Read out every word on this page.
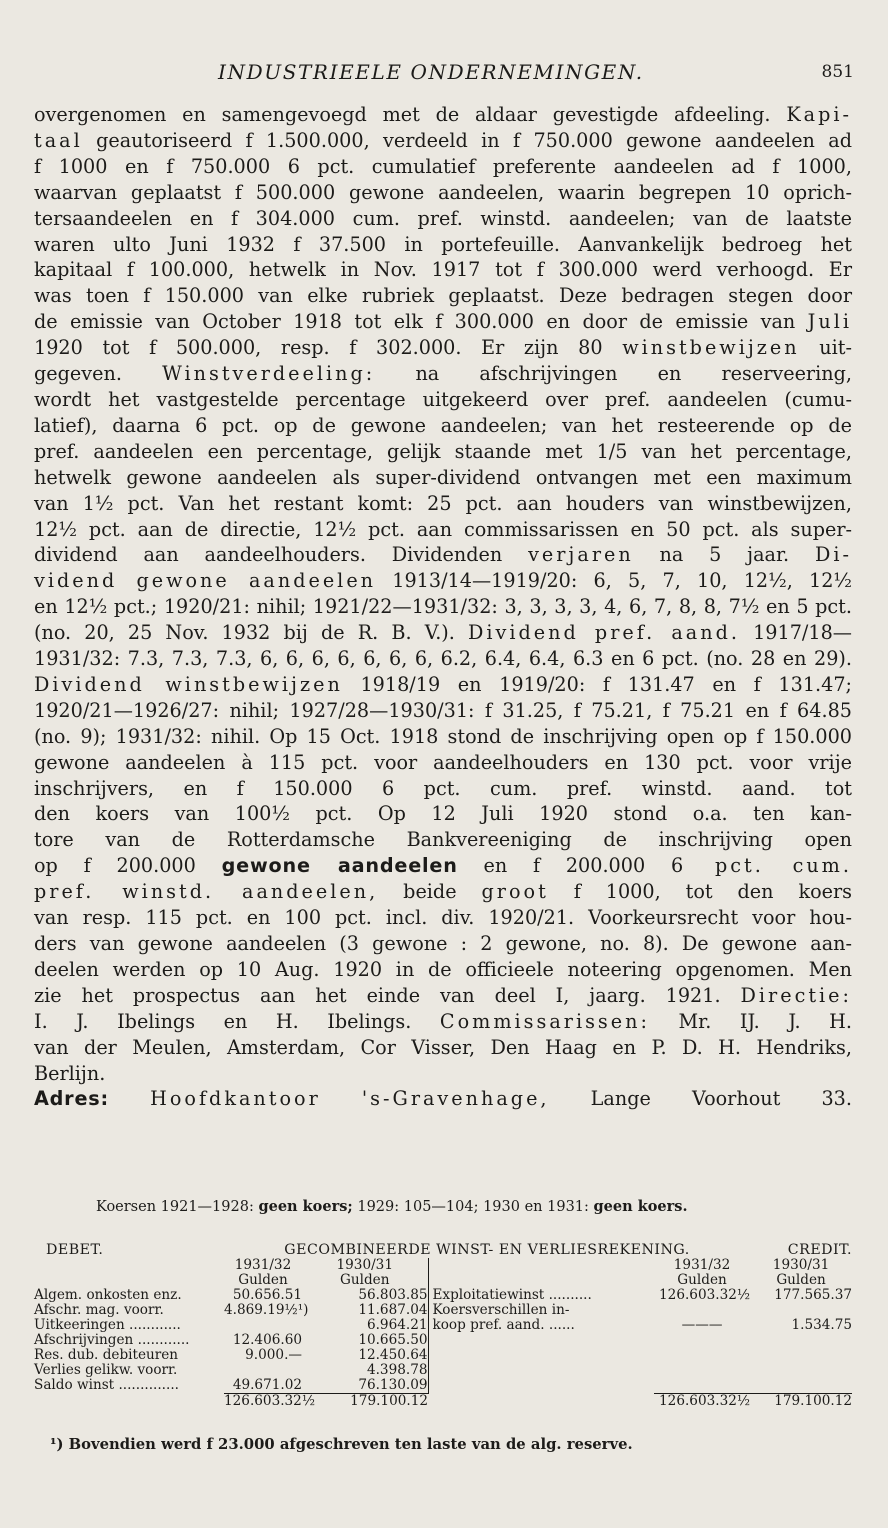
INDUSTRIEELE ONDERNEMINGEN.	851
overgenomen en samengevoegd met de aldaar gevestigde afdeeling. Kapi-
taal geautoriseerd f 1.500.000, verdeeld in f 750.000 gewone aandeelen ad
f 1000 en f 750.000 6 pct. cumulatief preferente aandeelen ad f 1000,
waarvan geplaatst f 500.000 gewone aandeelen, waarin begrepen 10 oprich-
tersaandeelen en f 304.000 cum. pref. winstd. aandeelen; van de laatste
waren ulto Juni 1932 f 37.500 in portefeuille. Aanvankelijk bedroeg het
kapitaal f 100.000, hetwelk in Nov. 1917 tot f 300.000 werd verhoogd. Er
was toen f 150.000 van elke rubriek geplaatst. Deze bedragen stegen door
de emissie van October 1918 tot elk f 300.000 en door de emissie van Juli
1920 tot f 500.000, resp. f 302.000. Er zijn 80 winstbewijzen uit-
gegeven. Winstverdeeling: na afschrijvingen en reserveering,
wordt het vastgestelde percentage uitgekeerd over pref. aandeelen (cumu-
latief), daarna 6 pct. op de gewone aandeelen; van het resteerende op de
pref. aandeelen een percentage, gelijk staande met 1/5 van het percentage,
hetwelk gewone aandeelen als super-dividend ontvangen met een maximum
van 1½ pct. Van het restant komt: 25 pct. aan houders van winstbewijzen,
12½ pct. aan de directie, 12½ pct. aan commissarissen en 50 pct. als super-
dividend aan aandeelhouders. Dividenden verjaren na 5 jaar. Di-
vidend gewone aandeelen 1913/14—1919/20: 6, 5, 7, 10, 12½, 12½
en 12½ pct.; 1920/21: nihil; 1921/22—1931/32: 3, 3, 3, 3, 4, 6, 7, 8, 8, 7½ en 5 pct.
(no. 20, 25 Nov. 1932 bij de R. B. V.). Dividend pref. aand. 1917/18—
1931/32: 7.3, 7.3, 7.3, 6, 6, 6, 6, 6, 6, 6, 6.2, 6.4, 6.4, 6.3 en 6 pct. (no. 28 en 29).
Dividend winstbewijzen 1918/19 en 1919/20: f 131.47 en f 131.47;
1920/21—1926/27: nihil; 1927/28—1930/31: f 31.25, f 75.21, f 75.21 en f 64.85
(no. 9); 1931/32: nihil. Op 15 Oct. 1918 stond de inschrijving open op f 150.000
gewone aandeelen à 115 pct. voor aandeelhouders en 130 pct. voor vrije
inschrijvers, en f 150.000 6 pct. cum. pref. winstd. aand. tot
den koers van 100½ pct. Op 12 Juli 1920 stond o.a. ten kan-
tore van de Rotterdamsche Bankvereeniging de inschrijving open
op f 200.000 gewone aandeelen en f 200.000 6 pct. cum.
pref. winstd. aandeelen, beide groot f 1000, tot den koers
van resp. 115 pct. en 100 pct. incl. div. 1920/21. Voorkeursrecht voor hou-
ders van gewone aandeelen (3 gewone : 2 gewone, no. 8). De gewone aan-
deelen werden op 10 Aug. 1920 in de officieele noteering opgenomen. Men
zie het prospectus aan het einde van deel I, jaarg. 1921. Directie:
I. J. Ibelings en H. Ibelings. Commissarissen: Mr. IJ. J. H.
van der Meulen, Amsterdam, Cor Visser, Den Haag en P. D. H. Hendriks,
Berlijn.
Adres: Hoofdkantoor 's-Gravenhage, Lange Voorhout 33.
Koersen 1921—1928: geen koers; 1929: 105—104; 1930 en 1931: geen koers.
DEBET.	GECOMBINEERDE WINST- EN VERLIESREKENING.				CREDIT.
	1931/32	1930/31		1931/32	1930/31
	Gulden	Gulden		Gulden	Gulden
Algem. onkosten enz.	50.656.51	56.803.85	Exploitatiewinst ..........	126.603.32½	177.565.37
Afschr. mag. voorr.	4.869.19½¹)	11.687.04	Koersverschillen in-		
Uitkeeringen ............		6.964.21	koop pref. aand. ......	———	1.534.75
Afschrijvingen ............	12.406.60	10.665.50			
Res. dub. debiteuren	9.000.—	12.450.64			
Verlies gelikw. voorr.		4.398.78			
Saldo winst ..............	49.671.02	76.130.09			
	126.603.32½	179.100.12		126.603.32½	179.100.12
¹) Bovendien werd f 23.000 afgeschreven ten laste van de alg. reserve.
